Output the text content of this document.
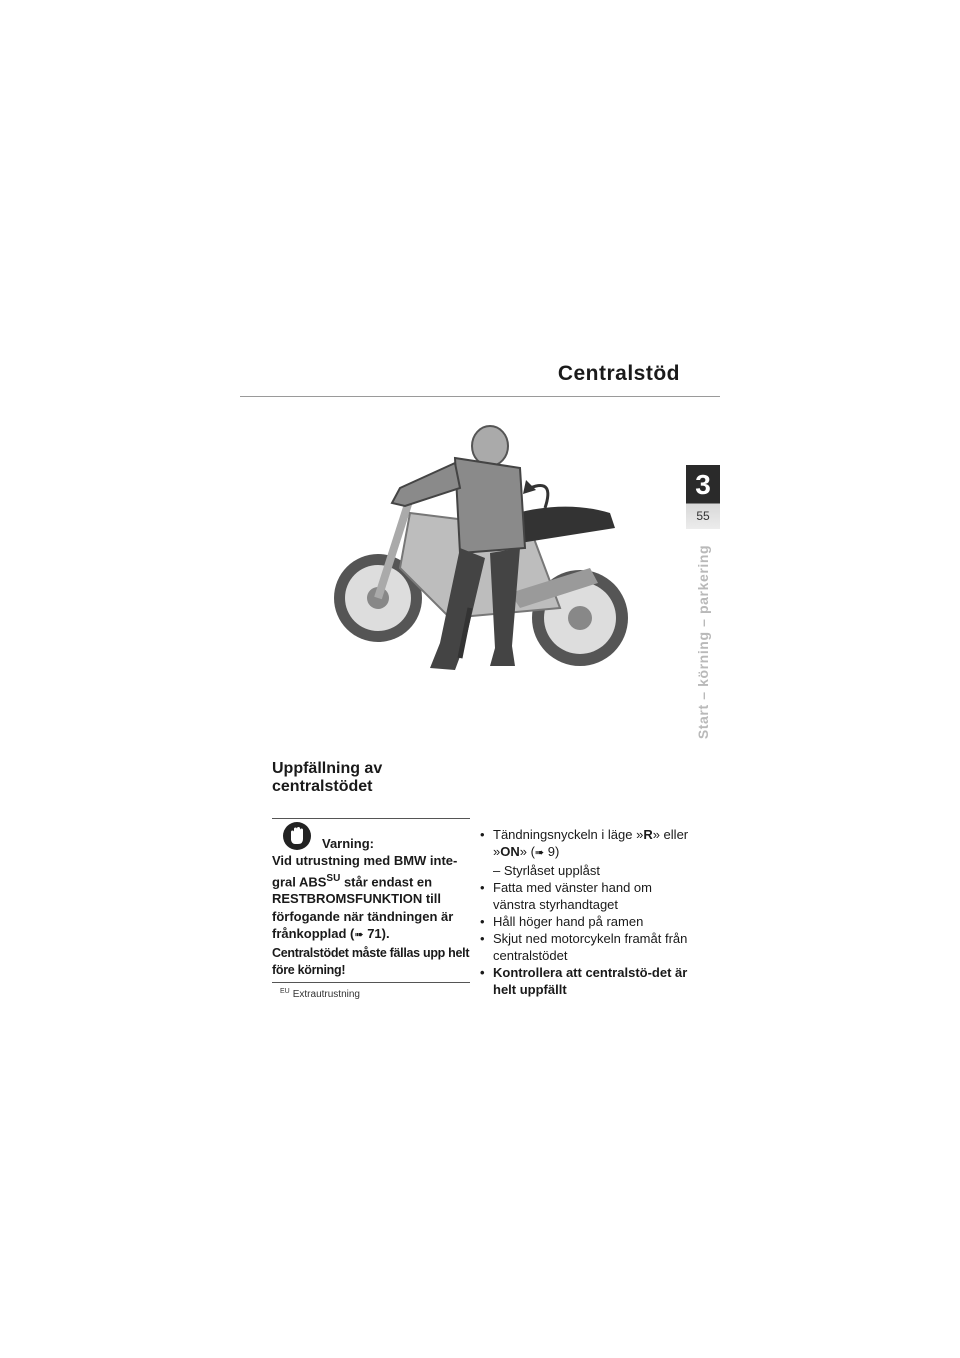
Centralstöd
3
55
Start – körning – parkering
Uppfällning av
centralstödet
Varning:
Vid utrustning med BMW inte-gral $ABS^{SU}$ står endast en RESTBROMSFUNKTION till förfogande när tändningen är frånkopplad (➠ 71).
Centralstödet måste fällas upp helt före körning!
$^{EU}$ Extrautrustning
• Tändningsnyckeln i läge »R» eller »ON» (➠ 9)
– Styrlåset upplåst
• Fatta med vänster hand om vänstra styrhandtaget
• Håll höger hand på ramen
• Skjut ned motorcykeln framåt från centralstödet
• Kontrollera att centralstö-det är helt uppfällt
